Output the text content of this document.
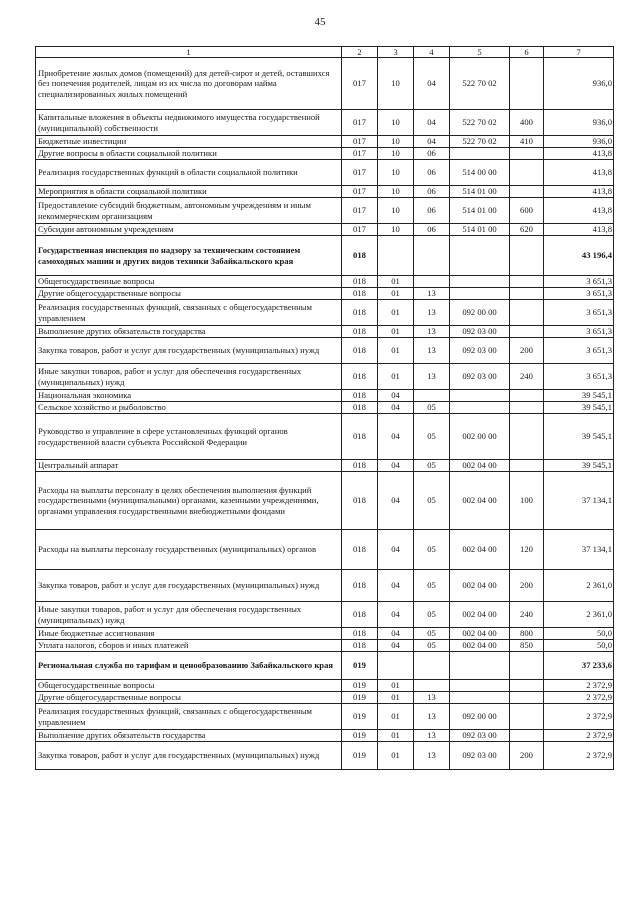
45
1	2	3	4	5	6	7
Приобретение жилых домов (помещений) для детей-сирот и детей, оставшихся без попечения родителей, лицам из их числа по договорам найма специализированных жилых помещений	017	10	04	522 70 02		936,0
Капитальные вложения в объекты недвижимого имущества государственной (муниципальной) собственности	017	10	04	522 70 02	400	936,0
Бюджетные инвестиции	017	10	04	522 70 02	410	936,0
Другие вопросы в области социальной политики	017	10	06			413,8
Реализация государственных функций в области социальной политики	017	10	06	514 00 00		413,8
Мероприятия в области социальной политики	017	10	06	514 01 00		413,8
Предоставление субсидий бюджетным, автономным учреждениям и иным некоммерческим организациям	017	10	06	514 01 00	600	413,8
Субсидии автономным учреждениям	017	10	06	514 01 00	620	413,8
Государственная инспекция по надзору за техническим состоянием самоходных машин и других видов техники Забайкальского края	018					43 196,4
Общегосударственные вопросы	018	01				3 651,3
Другие общегосударственные вопросы	018	01	13			3 651,3
Реализация государственных функций, связанных с общегосударственным управлением	018	01	13	092 00 00		3 651,3
Выполнение других обязательств государства	018	01	13	092 03 00		3 651,3
Закупка товаров, работ и услуг для государственных (муниципальных) нужд	018	01	13	092 03 00	200	3 651,3
Иные закупки товаров, работ и услуг для обеспечения государственных (муниципальных) нужд	018	01	13	092 03 00	240	3 651,3
Национальная экономика	018	04				39 545,1
Сельское хозяйство и рыболовство	018	04	05			39 545,1
Руководство и управление в сфере установленных функций органов государственной власти субъекта Российской Федерации	018	04	05	002 00 00		39 545,1
Центральный аппарат	018	04	05	002 04 00		39 545,1
Расходы на выплаты персоналу в целях обеспечения выполнения функций государственными (муниципальными) органами, казенными учреждениями, органами управления государственными внебюджетными фондами	018	04	05	002 04 00	100	37 134,1
Расходы на выплаты персоналу государственных (муниципальных) органов	018	04	05	002 04 00	120	37 134,1
Закупка товаров, работ и услуг для государственных (муниципальных) нужд	018	04	05	002 04 00	200	2 361,0
Иные закупки товаров, работ и услуг для обеспечения государственных (муниципальных) нужд	018	04	05	002 04 00	240	2 361,0
Иные бюджетные ассигнования	018	04	05	002 04 00	800	50,0
Уплата налогов, сборов и иных платежей	018	04	05	002 04 00	850	50,0
Региональная служба по тарифам и ценообразованию Забайкальского края	019					37 233,6
Общегосударственные вопросы	019	01				2 372,9
Другие общегосударственные вопросы	019	01	13			2 372,9
Реализация государственных функций, связанных с общегосударственным управлением	019	01	13	092 00 00		2 372,9
Выполнение других обязательств государства	019	01	13	092 03 00		2 372,9
Закупка товаров, работ и услуг для государственных (муниципальных) нужд	019	01	13	092 03 00	200	2 372,9
